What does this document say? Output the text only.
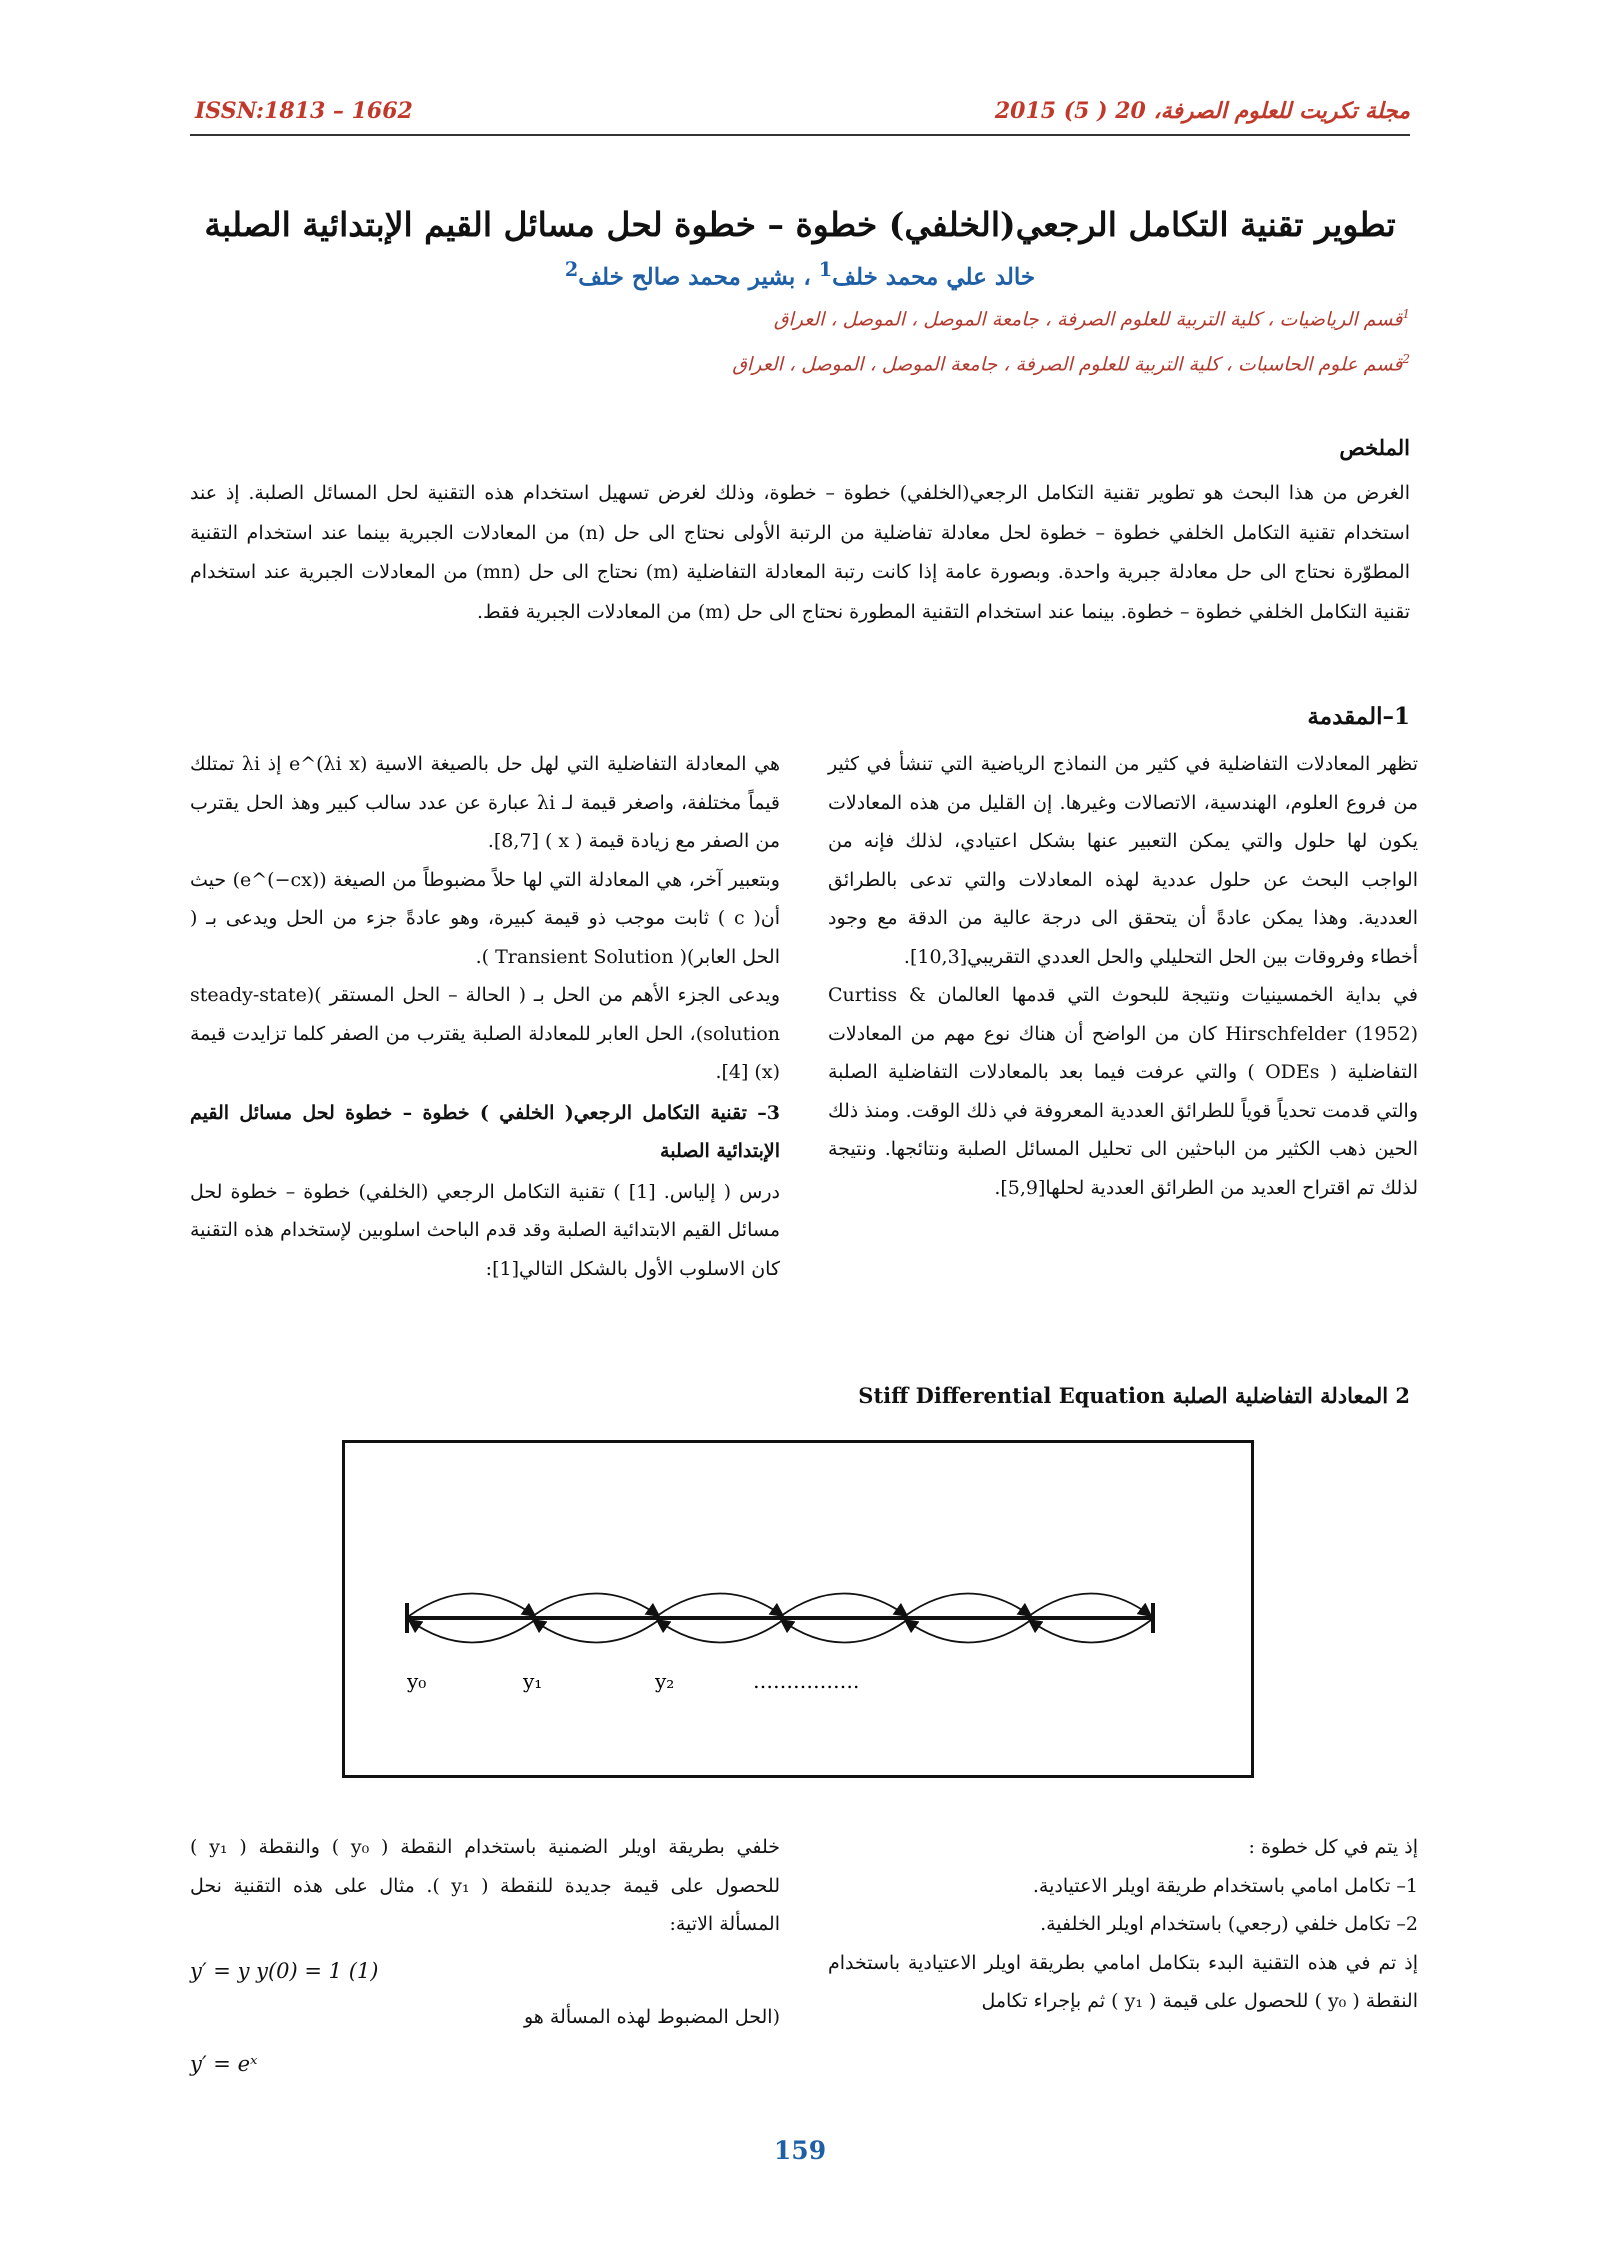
ISSN:1813 – 1662	مجلة تكريت للعلوم الصرفة، 20 ( 5) 2015
تطوير تقنية التكامل الرجعي(الخلفي) خطوة – خطوة لحل مسائل القيم الإبتدائية الصلبة
خالد علي محمد خلف$^1$ ، بشير محمد صالح خلف$^2$
$^1$قسم الرياضيات ، كلية التربية للعلوم الصرفة ، جامعة الموصل ، الموصل ، العراق
$^2$قسم علوم الحاسبات ، كلية التربية للعلوم الصرفة ، جامعة الموصل ، الموصل ، العراق
الملخص
الغرض من هذا البحث هو تطوير تقنية التكامل الرجعي(الخلفي) خطوة – خطوة، وذلك لغرض تسهيل استخدام هذه التقنية لحل المسائل الصلبة. إذ عند استخدام تقنية التكامل الخلفي خطوة – خطوة لحل معادلة تفاضلية من الرتبة الأولى نحتاج الى حل (n) من المعادلات الجبرية بينما عند استخدام التقنية المطوّرة نحتاج الى حل معادلة جبرية واحدة. وبصورة عامة إذا كانت رتبة المعادلة التفاضلية (m) نحتاج الى حل (mn) من المعادلات الجبرية عند استخدام تقنية التكامل الخلفي خطوة – خطوة. بينما عند استخدام التقنية المطورة نحتاج الى حل (m) من المعادلات الجبرية فقط.
1–المقدمة
تظهر المعادلات التفاضلية في كثير من النماذج الرياضية التي تنشأ في كثير من فروع العلوم، الهندسية، الاتصالات وغيرها. إن القليل من هذه المعادلات يكون لها حلول والتي يمكن التعبير عنها بشكل اعتيادي، لذلك فإنه من الواجب البحث عن حلول عددية لهذه المعادلات والتي تدعى بالطرائق العددية. وهذا يمكن عادةً أن يتحقق الى درجة عالية من الدقة مع وجود أخطاء وفروقات بين الحل التحليلي والحل العددي التقريبي[10,3].
في بداية الخمسينيات ونتيجة للبحوث التي قدمها العالمان Curtiss & Hirschfelder (1952) كان من الواضح أن هناك نوع مهم من المعادلات التفاضلية ( ODEs ) والتي عرفت فيما بعد بالمعادلات التفاضلية الصلبة والتي قدمت تحدياً قوياً للطرائق العددية المعروفة في ذلك الوقت. ومنذ ذلك الحين ذهب الكثير من الباحثين الى تحليل المسائل الصلبة ونتائجها. ونتيجة لذلك تم اقتراح العديد من الطرائق العددية لحلها[5,9].
هي المعادلة التفاضلية التي لهل حل بالصيغة الاسية e^(λi x) إذ λi تمتلك قيماً مختلفة، واصغر قيمة لـ λi عبارة عن عدد سالب كبير وهذ الحل يقترب من الصفر مع زيادة قيمة ( x ) [8,7].
وبتعبير آخر، هي المعادلة التي لها حلاً مضبوطاً من الصيغة (e^(−cx)) حيث أن( c ) ثابت موجب ذو قيمة كبيرة، وهو عادةً جزء من الحل ويدعى بـ ( الحل العابر)( Transient Solution ).
ويدعى الجزء الأهم من الحل بـ ( الحالة – الحل المستقر )(steady-state solution)، الحل العابر للمعادلة الصلبة يقترب من الصفر كلما تزايدت قيمة (x) [4].
3– تقنية التكامل الرجعي( الخلفي ) خطوة – خطوة لحل مسائل القيم الإبتدائية الصلبة
درس ( إلياس. [1] ) تقنية التكامل الرجعي (الخلفي) خطوة – خطوة لحل مسائل القيم الابتدائية الصلبة وقد قدم الباحث اسلوبين لإستخدام هذه التقنية كان الاسلوب الأول بالشكل التالي[1]:
2 المعادلة التفاضلية الصلبة Stiff Differential Equation
y₀	y₁	y₂	…………….
إذ يتم في كل خطوة :
1– تكامل امامي باستخدام طريقة اويلر الاعتيادية.
2– تكامل خلفي (رجعي) باستخدام اويلر الخلفية.
إذ تم في هذه التقنية البدء بتكامل امامي بطريقة اويلر الاعتيادية باستخدام النقطة ( y₀ ) للحصول على قيمة ( y₁ ) ثم بإجراء تكامل
خلفي بطريقة اويلر الضمنية باستخدام النقطة ( y₀ ) والنقطة ( y₁ ) للحصول على قيمة جديدة للنقطة ( y₁ ). مثال على هذه التقنية نحل المسألة الاتية:
y′ = y y(0) = 1 (1)
(الحل المضبوط لهذه المسألة هو
y′ = eˣ
159
